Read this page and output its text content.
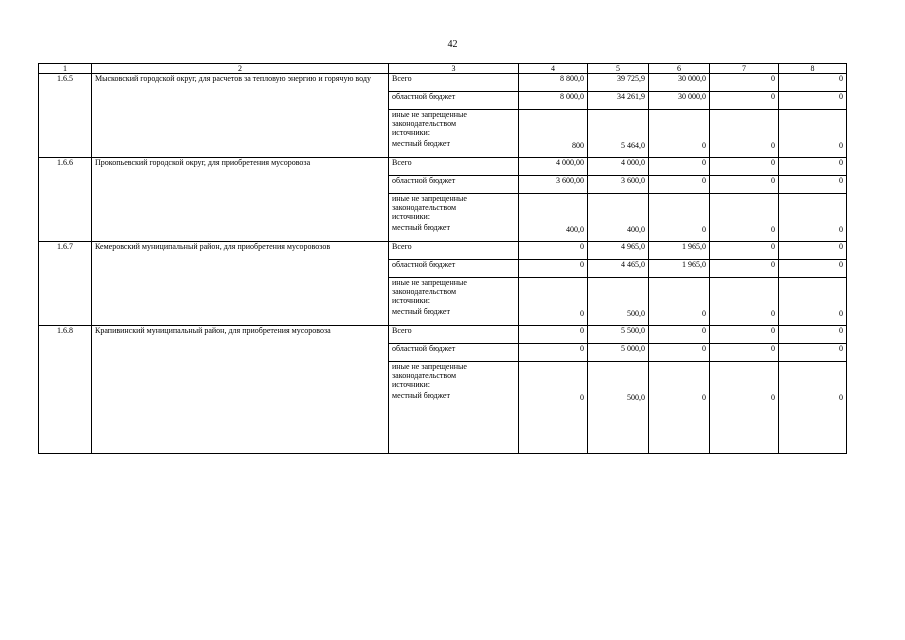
42
1	2	3	4	5	6	7	8
1.6.5	Мысковский городской округ, для расчетов за тепловую энергию и горячую воду	Всего	8 800,0	39 725,9	30 000,0	0	0
		областной бюджет	8 000,0	34 261,9	30 000,0	0	0

		иные не запрещенные
законодательством
источники:
местный бюджет	800	5 464,0	0	0	0

1.6.6	Прокопьевский городской округ, для приобретения мусоровоза	Всего	4 000,00	4 000,0	0	0	0
		областной бюджет	3 600,00	3 600,0	0	0	0

		иные не запрещенные
законодательством
источники:
местный бюджет	400,0	400,0	0	0	0

1.6.7	Кемеровский муниципальный район, для приобретения мусоровозов	Всего	0	4 965,0	1 965,0	0	0
		областной бюджет	0	4 465,0	1 965,0	0	0

		иные не запрещенные
законодательством
источники:
местный бюджет	0	500,0	0	0	0

1.6.8	Крапивинский муниципальный район, для приобретения мусоровоза	Всего	0	5 500,0	0	0	0
		областной бюджет	0	5 000,0	0	0	0

		иные не запрещенные
законодательством
источники:
местный бюджет	0	500,0	0	0	0
